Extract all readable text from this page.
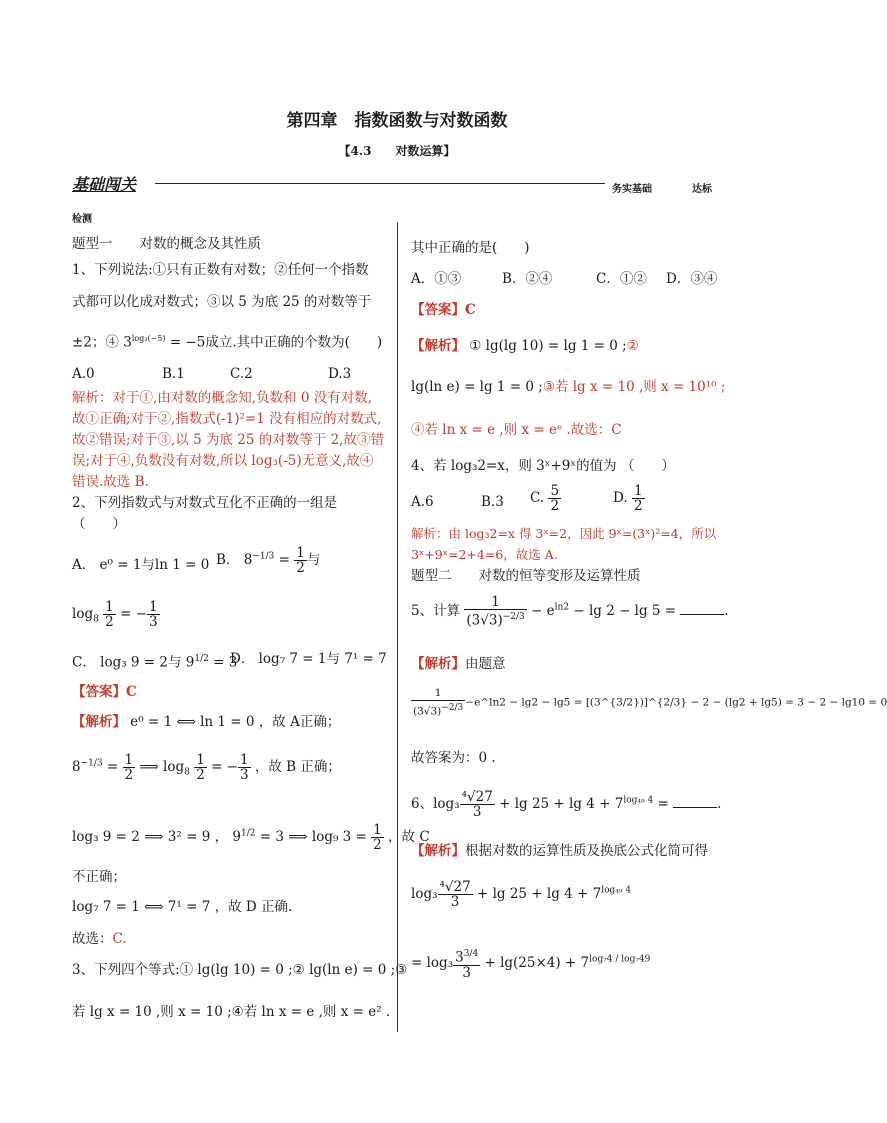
第四章　指数函数与对数函数
【4.3　　对数运算】
基础闯关	务实基础	达标
检测
题型一　　对数的概念及其性质
1、下列说法:①只有正数有对数；②任何一个指数
式都可以化成对数式；③以 5 为底 25 的对数等于
±2；④ $3^{log_3(-5)} = -5$成立.其中正确的个数为(　　)
A.0	B.1	C.2	D.3
解析：对于①,由对数的概念知,负数和 0 没有对数,
故①正确;对于②,指数式(-1)²=1 没有相应的对数式,
故②错误;对于③,以 5 为底 25 的对数等于 2,故③错
误;对于④,负数没有对数,所以 log₃(-5)无意义,故④
错误.故选 B.
2、下列指数式与对数式互化不正确的一组是
（　　）
A． e⁰ = 1与ln 1 = 0 B． $8^{-1/3} = \frac{1}{2}$ 与
$\log_8 \frac{1}{2}$ = − $\frac{1}{3}$
C． log₃ 9 = 2与 $9^{1/2} = 3$
D． log₇ 7 = 1与 7¹ = 7
【答案】C
【解析】 e⁰ = 1 ⟺ ln 1 = 0 ，故 A正确；
$8^{-1/3} = \frac{1}{2}$ ⟹ $\log_8 \frac{1}{2}$ = − $\frac{1}{3}$ ，故 B 正确；
log₃ 9 = 2 ⟹ 3² = 9 ， $9^{1/2} = 3$ ⟹ log₉ $3 = \frac{1}{2}$ ，故 C
不正确；
log₇ 7 = 1 ⟺ 7¹ = 7 ，故 D 正确.
故选：C.
3、下列四个等式:① lg(lg 10) = 0 ;② lg(ln e) = 0 ;③
若 lg x = 10 ,则 x = 10 ;④若 ln x = e ,则 x = e² .
其中正确的是(　　)
A．①③	B．②④	C．①② D．③④
【答案】C
【解析】 ① lg(lg 10) = lg 1 = 0 ;②
lg(ln e) = lg 1 = 0 ;③若 lg x = 10 ,则 x = 10¹⁰ ;
④若 ln x = e ,则 x = eᵉ .故选：C
4、若 log₃2=x，则 3ˣ+9ˣ的值为 （　　）
A.6	B.3 C. $\frac{5}{2}$	D. $\frac{1}{2}$
解析：由 log₃2=x 得 3ˣ=2，因此 9ˣ=(3ˣ)²=4，所以
3ˣ+9ˣ=2+4=6，故选 A.
题型二　　对数的恒等变形及运算性质
5、计算 $\frac{1}{(3√3)^{-2/3}} - e^{ln2} - \lg 2 - \lg 5$ =	.
【解析】由题意
$\frac{1}{(3√3)^{-2/3}}$ −e^ln2 − lg2 − lg5 = [(3^{3/2})]^{2/3} − 2 − (lg2 + lg5) = 3 − 2 − lg10 = 0
故答案为：0 .
6、$\log_3 \frac{\text{⁴√27}}{3} + \lg 25 + \lg 4 + 7^{log_{49} 4}$ =	.
【解析】根据对数的运算性质及换底公式化简可得
$\log_3 \frac{\text{⁴√27}}{3} + \lg 25 + \lg 4 + 7^{log_{49} 4}$
= $\log_3 \frac{3^{3/4}}{3} + \lg(25\times 4) + 7^{log_74 / log_749}$
